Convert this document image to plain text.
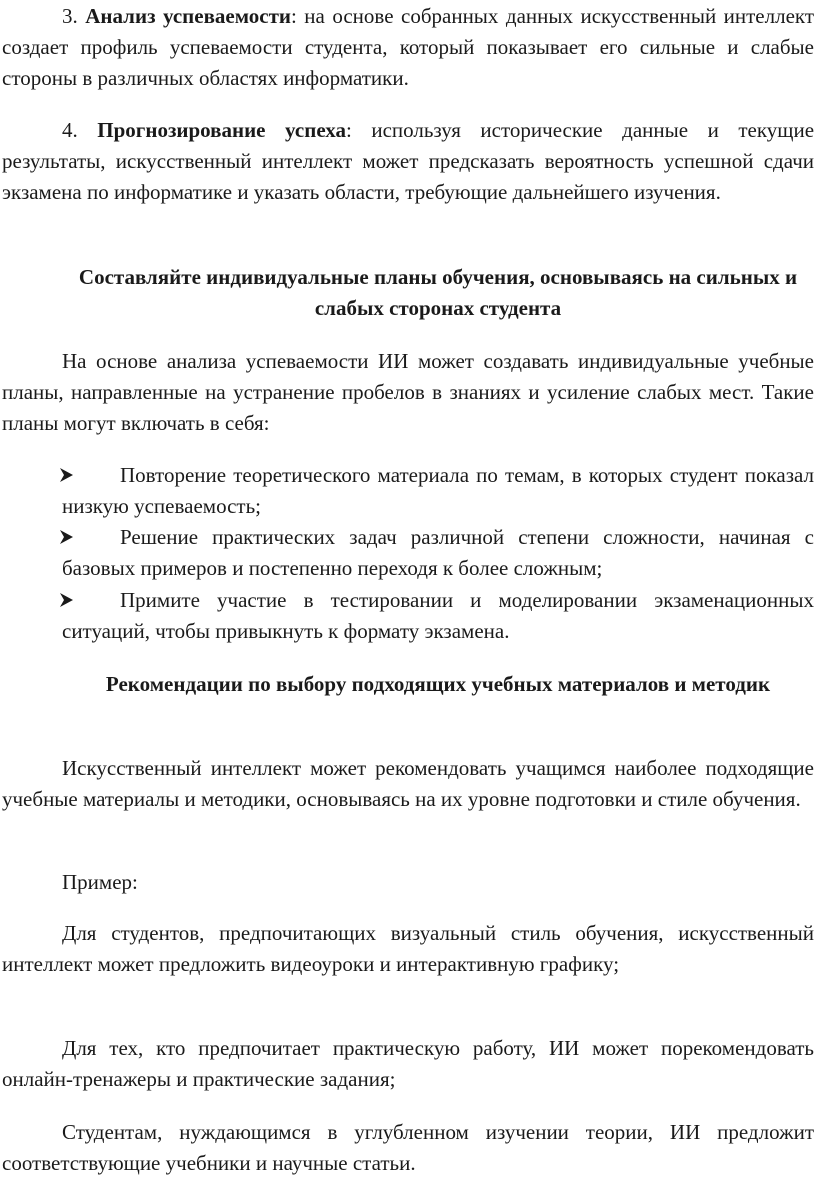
3. Анализ успеваемости: на основе собранных данных искусственный интеллект создает профиль успеваемости студента, который показывает его сильные и слабые стороны в различных областях информатики.

4. Прогнозирование успеха: используя исторические данные и текущие результаты, искусственный интеллект может предсказать вероятность успешной сдачи экзамена по информатике и указать области, требующие дальнейшего изучения.

Составляйте индивидуальные планы обучения, основываясь на сильных и слабых сторонах студента

На основе анализа успеваемости ИИ может создавать индивидуальные учебные планы, направленные на устранение пробелов в знаниях и усиление слабых мест. Такие планы могут включать в себя:

Повторение теоретического материала по темам, в которых студент показал низкую успеваемость;

Решение практических задач различной степени сложности, начиная с базовых примеров и постепенно переходя к более сложным;

Примите участие в тестировании и моделировании экзаменационных ситуаций, чтобы привыкнуть к формату экзамена.

Рекомендации по выбору подходящих учебных материалов и методик

Искусственный интеллект может рекомендовать учащимся наиболее подходящие учебные материалы и методики, основываясь на их уровне подготовки и стиле обучения.

Пример:

Для студентов, предпочитающих визуальный стиль обучения, искусственный интеллект может предложить видеоуроки и интерактивную графику;

Для тех, кто предпочитает практическую работу, ИИ может порекомендовать онлайн-тренажеры и практические задания;

Студентам, нуждающимся в углубленном изучении теории, ИИ предложит соответствующие учебники и научные статьи.
